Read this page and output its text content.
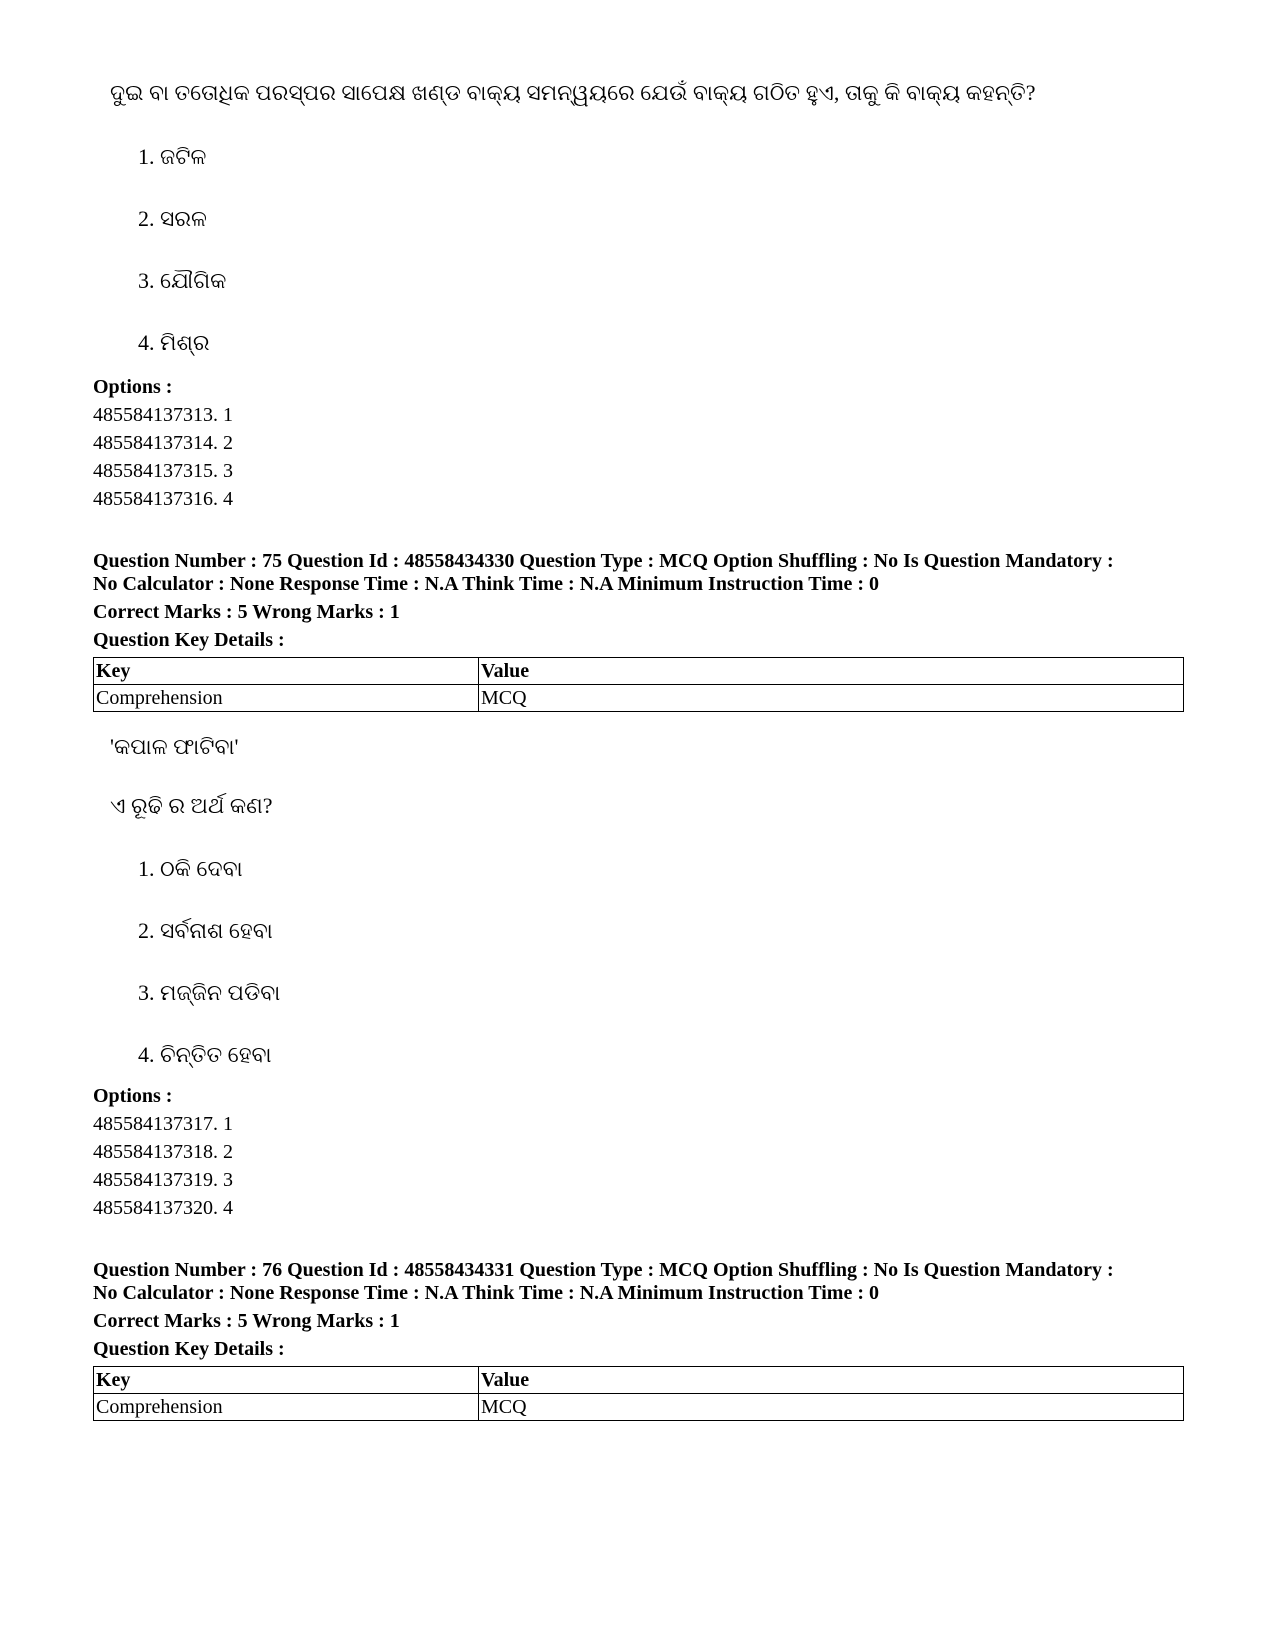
ଦୁଇ ବା ତତୋଧିକ ପରସ୍ପର ସାପେକ୍ଷ ଖଣ୍ଡ ବାକ୍ୟ ସମନ୍ୱୟରେ ଯେଉଁ ବାକ୍ୟ ଗଠିତ ହୁଏ, ତାକୁ କି ବାକ୍ୟ କହନ୍ତି?
1. ଜଟିଳ
2. ସରଳ
3. ଯୌଗିକ
4. ମିଶ୍ର
Options :
485584137313. 1
485584137314. 2
485584137315. 3
485584137316. 4
Question Number : 75 Question Id : 48558434330 Question Type : MCQ Option Shuffling : No Is Question Mandatory :
No Calculator : None Response Time : N.A Think Time : N.A Minimum Instruction Time : 0
Correct Marks : 5 Wrong Marks : 1
Question Key Details :
Key	Value
Comprehension	MCQ
'କପାଳ ଫାଟିବା'
ଏ ରୂଢି ର ଅର୍ଥ କଣ?
1. ଠକି ଦେବା
2. ସର୍ବନାଶ ହେବା
3. ମଜ୍ଜିନ ପଡିବା
4. ଚିନ୍ତିତ ହେବା
Options :
485584137317. 1
485584137318. 2
485584137319. 3
485584137320. 4
Question Number : 76 Question Id : 48558434331 Question Type : MCQ Option Shuffling : No Is Question Mandatory :
No Calculator : None Response Time : N.A Think Time : N.A Minimum Instruction Time : 0
Correct Marks : 5 Wrong Marks : 1
Question Key Details :
Key	Value
Comprehension	MCQ
